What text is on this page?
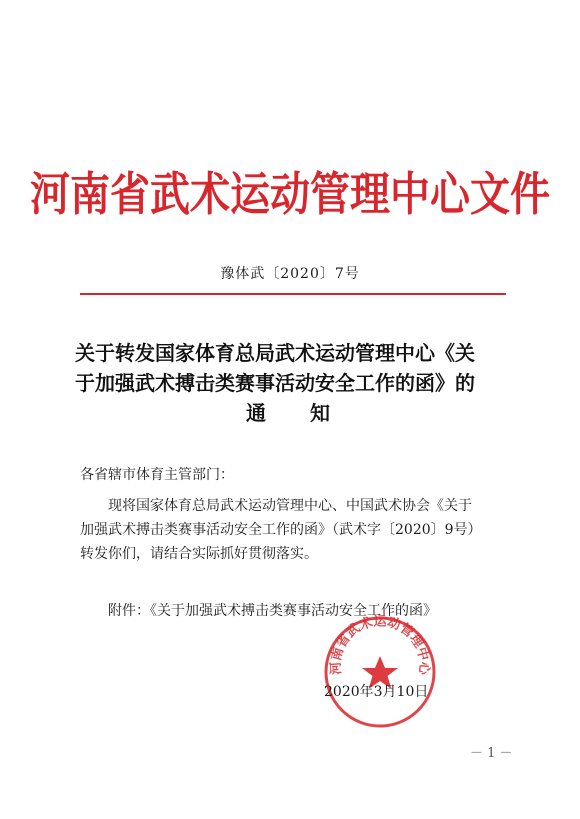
河南省武术运动管理中心文件
豫体武〔2020〕7号
关于转发国家体育总局武术运动管理中心《关
于加强武术搏击类赛事活动安全工作的函》的
通知
各省辖市体育主管部门：
现将国家体育总局武术运动管理中心、中国武术协会《关于
加强武术搏击类赛事活动安全工作的函》（武术字〔2020〕9号）
转发你们，请结合实际抓好贯彻落实。
附件：《关于加强武术搏击类赛事活动安全工作的函》
河南省武术运动管理中心
2020年3月10日
－ 1 －
